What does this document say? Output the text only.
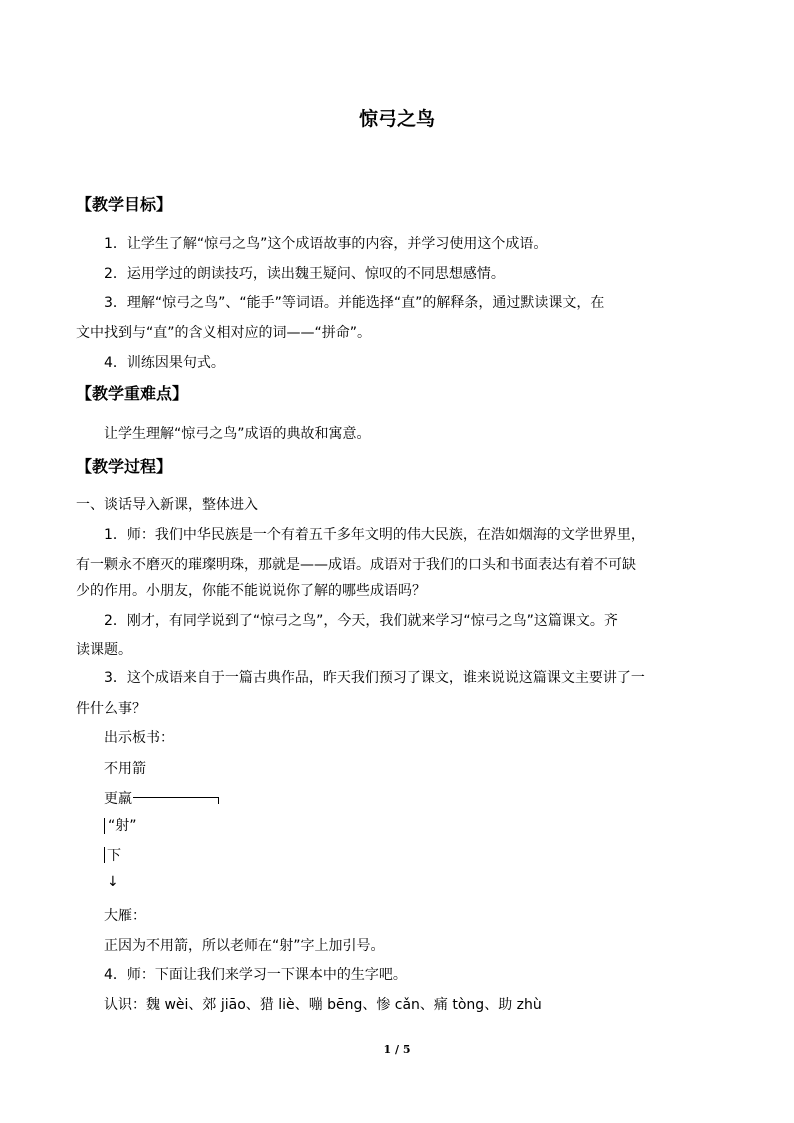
惊弓之鸟
【教学目标】
1．让学生了解“惊弓之鸟”这个成语故事的内容，并学习使用这个成语。
2．运用学过的朗读技巧，读出魏王疑问、惊叹的不同思想感情。
3．理解“惊弓之鸟”、“能手”等词语。并能选择“直”的解释条，通过默读课文，在
文中找到与“直”的含义相对应的词——“拼命”。
4．训练因果句式。
【教学重难点】
让学生理解“惊弓之鸟”成语的典故和寓意。
【教学过程】
一、谈话导入新课，整体进入
1．师：我们中华民族是一个有着五千多年文明的伟大民族，在浩如烟海的文学世界里，
有一颗永不磨灭的璀璨明珠，那就是——成语。成语对于我们的口头和书面表达有着不可缺
少的作用。小朋友，你能不能说说你了解的哪些成语吗？
2．刚才，有同学说到了“惊弓之鸟”，今天，我们就来学习“惊弓之鸟”这篇课文。齐
读课题。
3．这个成语来自于一篇古典作品，昨天我们预习了课文，谁来说说这篇课文主要讲了一
件什么事？
出示板书：
不用箭
更羸
“射”
下
↓
大雁：
正因为不用箭，所以老师在“射”字上加引号。
4．师：下面让我们来学习一下课本中的生字吧。
认识：魏 wèi、郊 jiāo、猎 liè、嘣 bēng、惨 cǎn、痛 tòng、助 zhù
1 / 5
